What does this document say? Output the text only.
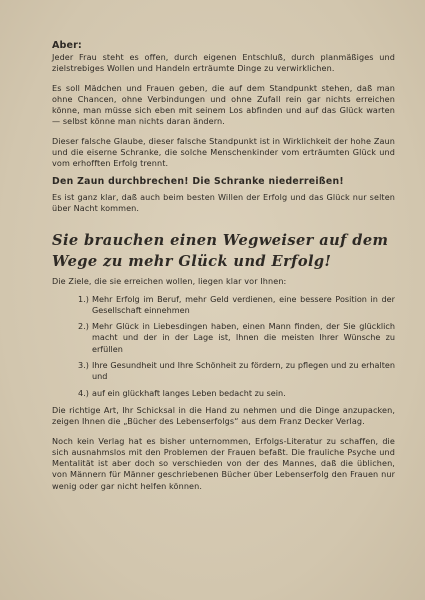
Aber:

Jeder Frau steht es offen, durch eigenen Entschluß, durch planmäßiges und zielstrebiges Wollen und Handeln erträumte Dinge zu verwirklichen.

Es soll Mädchen und Frauen geben, die auf dem Standpunkt stehen, daß man ohne Chancen, ohne Verbindungen und ohne Zufall rein gar nichts erreichen könne, man müsse sich eben mit seinem Los abfinden und auf das Glück warten — selbst könne man nichts daran ändern.

Dieser falsche Glaube, dieser falsche Standpunkt ist in Wirklichkeit der hohe Zaun und die eiserne Schranke, die solche Menschenkinder vom erträumten Glück und vom erhofften Erfolg trennt.

Den Zaun durchbrechen! Die Schranke niederreißen!

Es ist ganz klar, daß auch beim besten Willen der Erfolg und das Glück nur selten über Nacht kommen.

Sie brauchen einen Wegweiser auf dem Wege zu mehr Glück und Erfolg!

Die Ziele, die sie erreichen wollen, liegen klar vor Ihnen:

1.) Mehr Erfolg im Beruf, mehr Geld verdienen, eine bessere Position in der Gesellschaft einnehmen
2.) Mehr Glück in Liebesdingen haben, einen Mann finden, der Sie glücklich macht und der in der Lage ist, Ihnen die meisten Ihrer Wünsche zu erfüllen
3.) Ihre Gesundheit und Ihre Schönheit zu fördern, zu pflegen und zu erhalten und
4.) auf ein glückhaft langes Leben bedacht zu sein.

Die richtige Art, Ihr Schicksal in die Hand zu nehmen und die Dinge anzupacken, zeigen Ihnen die „Bücher des Lebenserfolgs“ aus dem Franz Decker Verlag.

Noch kein Verlag hat es bisher unternommen, Erfolgs-Literatur zu schaffen, die sich ausnahmslos mit den Problemen der Frauen befaßt. Die frauliche Psyche und Mentalität ist aber doch so verschieden von der des Mannes, daß die üblichen, von Männern für Männer geschriebenen Bücher über Lebenserfolg den Frauen nur wenig oder gar nicht helfen können.
